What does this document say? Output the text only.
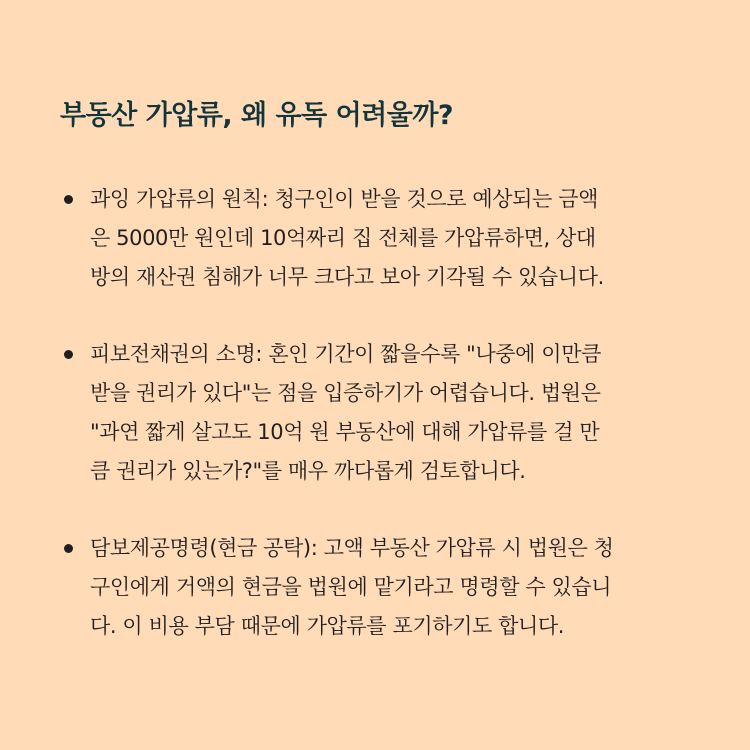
부동산 가압류, 왜 유독 어려울까?
과잉 가압류의 원칙: 청구인이 받을 것으로 예상되는 금액
은 5000만 원인데 10억짜리 집 전체를 가압류하면, 상대
방의 재산권 침해가 너무 크다고 보아 기각될 수 있습니다.
피보전채권의 소명: 혼인 기간이 짧을수록 "나중에 이만큼
받을 권리가 있다"는 점을 입증하기가 어렵습니다. 법원은
"과연 짧게 살고도 10억 원 부동산에 대해 가압류를 걸 만
큼 권리가 있는가?"를 매우 까다롭게 검토합니다.
담보제공명령(현금 공탁): 고액 부동산 가압류 시 법원은 청
구인에게 거액의 현금을 법원에 맡기라고 명령할 수 있습니
다. 이 비용 부담 때문에 가압류를 포기하기도 합니다.
